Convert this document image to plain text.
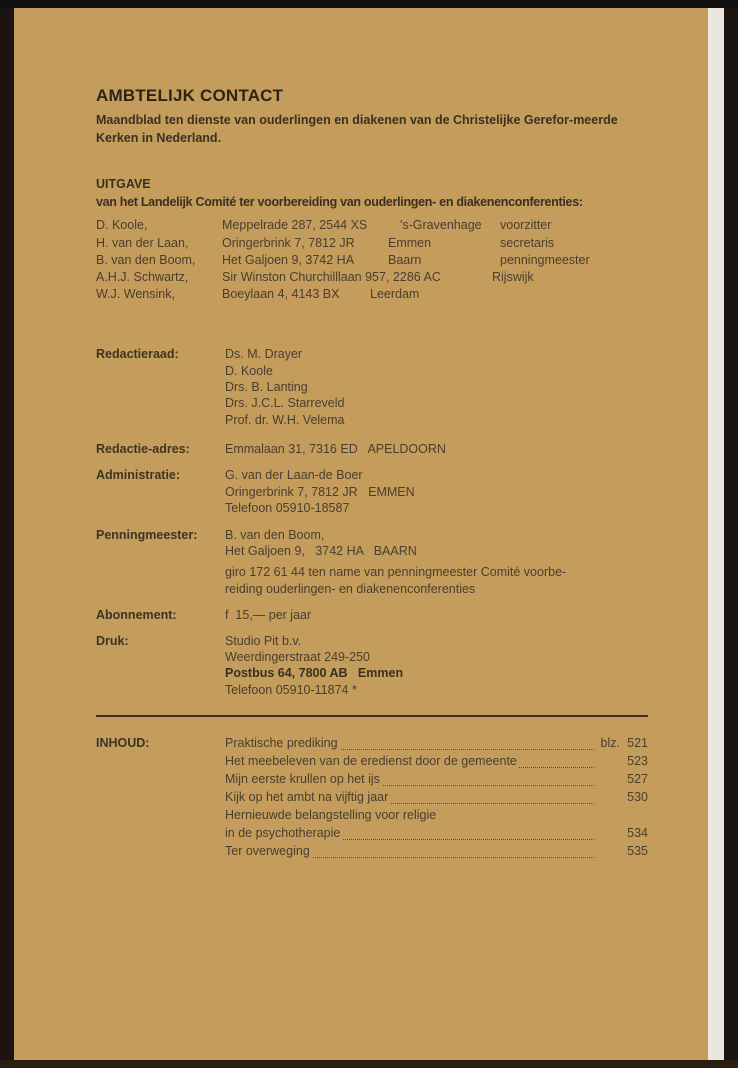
AMBTELIJK CONTACT
Maandblad ten dienste van ouderlingen en diakenen van de Christelijke Gerefor-meerde Kerken in Nederland.
UITGAVE
van het Landelijk Comité ter voorbereiding van ouderlingen- en diakenenconferenties:
D. Koole,	Meppelrade 287, 2544 XS	's-Gravenhage voorzitter
H. van der Laan,	Oringerbrink 7, 7812 JR	Emmen	secretaris
B. van den Boom, Het Galjoen 9, 3742 HA	Baarn	penningmeester
A.H.J. Schwartz,	Sir Winston Churchilllaan 957, 2286 AC	Rijswijk
W.J. Wensink,	Boeylaan 4, 4143 BX Leerdam
Redactieraad:	Ds. M. Drayer
D. Koole
Drs. B. Lanting
Drs. J.C.L. Starreveld
Prof. dr. W.H. Velema
Redactie-adres:	Emmalaan 31, 7316 ED   APELDOORN
Administratie:	G. van der Laan-de Boer
Oringerbrink 7, 7812 JR   EMMEN
Telefoon 05910-18587
Penningmeester: B. van den Boom,
Het Galjoen 9,   3742 HA   BAARN
giro 172 61 44 ten name van penningmeester Comité voorbe-
reiding ouderlingen- en diakenenconferenties
Abonnement:	f  15,— per jaar
Druk:	Studio Pit b.v.
Weerdingerstraat 249-250
Postbus 64, 7800 AB   Emmen
Telefoon 05910-11874 *
INHOUD:	Praktische prediking	blz. 521
Het meebeleven van de eredienst door de gemeente	523
Mijn eerste krullen op het ijs	527
Kijk op het ambt na vijftig jaar	530
Hernieuwde belangstelling voor religie
in de psychotherapie	534
Ter overweging	535
